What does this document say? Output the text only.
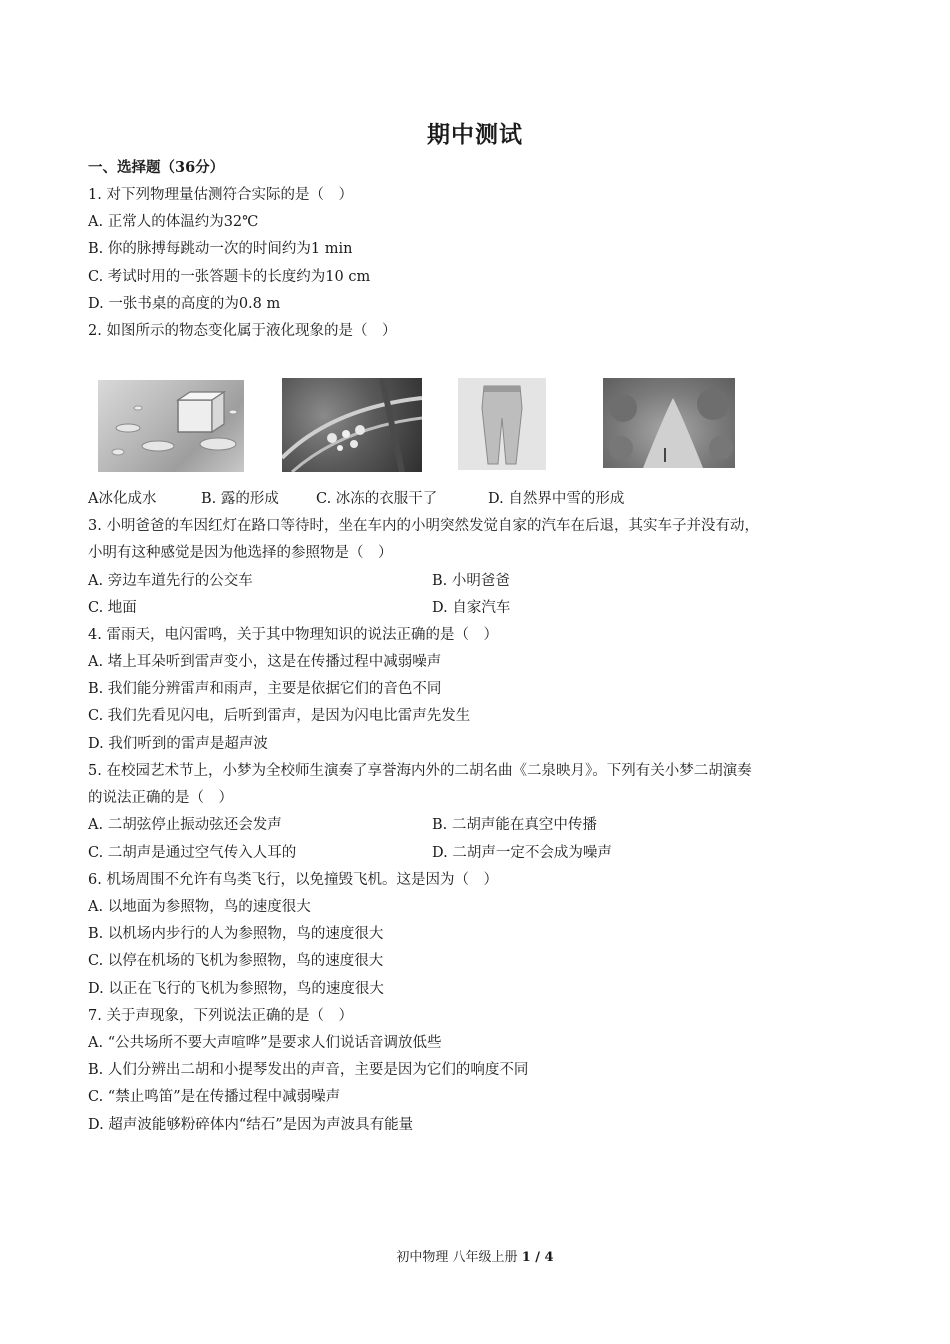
期中测试
一、选择题（36分）
1. 对下列物理量估测符合实际的是（　）
A. 正常人的体温约为32℃
B. 你的脉搏每跳动一次的时间约为1 min
C. 考试时用的一张答题卡的长度约为10 cm
D. 一张书桌的高度的为0.8 m
2. 如图所示的物态变化属于液化现象的是（　）
A冰化成水	B. 露的形成	C. 冰冻的衣服干了	D. 自然界中雪的形成
3. 小明爸爸的车因红灯在路口等待时，坐在车内的小明突然发觉自家的汽车在后退，其实车子并没有动，
小明有这种感觉是因为他选择的参照物是（　）
A. 旁边车道先行的公交车	B. 小明爸爸
C. 地面	D. 自家汽车
4. 雷雨天，电闪雷鸣，关于其中物理知识的说法正确的是（　）
A. 堵上耳朵听到雷声变小，这是在传播过程中减弱噪声
B. 我们能分辨雷声和雨声，主要是依据它们的音色不同
C. 我们先看见闪电，后听到雷声，是因为闪电比雷声先发生
D. 我们听到的雷声是超声波
5. 在校园艺术节上，小梦为全校师生演奏了享誉海内外的二胡名曲《二泉映月》。下列有关小梦二胡演奏
的说法正确的是（　）
A. 二胡弦停止振动弦还会发声	B. 二胡声能在真空中传播
C. 二胡声是通过空气传入人耳的	D. 二胡声一定不会成为噪声
6. 机场周围不允许有鸟类飞行，以免撞毁飞机。这是因为（　）
A. 以地面为参照物，鸟的速度很大
B. 以机场内步行的人为参照物，鸟的速度很大
C. 以停在机场的飞机为参照物，鸟的速度很大
D. 以正在飞行的飞机为参照物，鸟的速度很大
7. 关于声现象，下列说法正确的是（　）
A. “公共场所不要大声喧哗”是要求人们说话音调放低些
B. 人们分辨出二胡和小提琴发出的声音，主要是因为它们的响度不同
C. “禁止鸣笛”是在传播过程中减弱噪声
D. 超声波能够粉碎体内“结石”是因为声波具有能量
初中物理 八年级上册 1 / 4
